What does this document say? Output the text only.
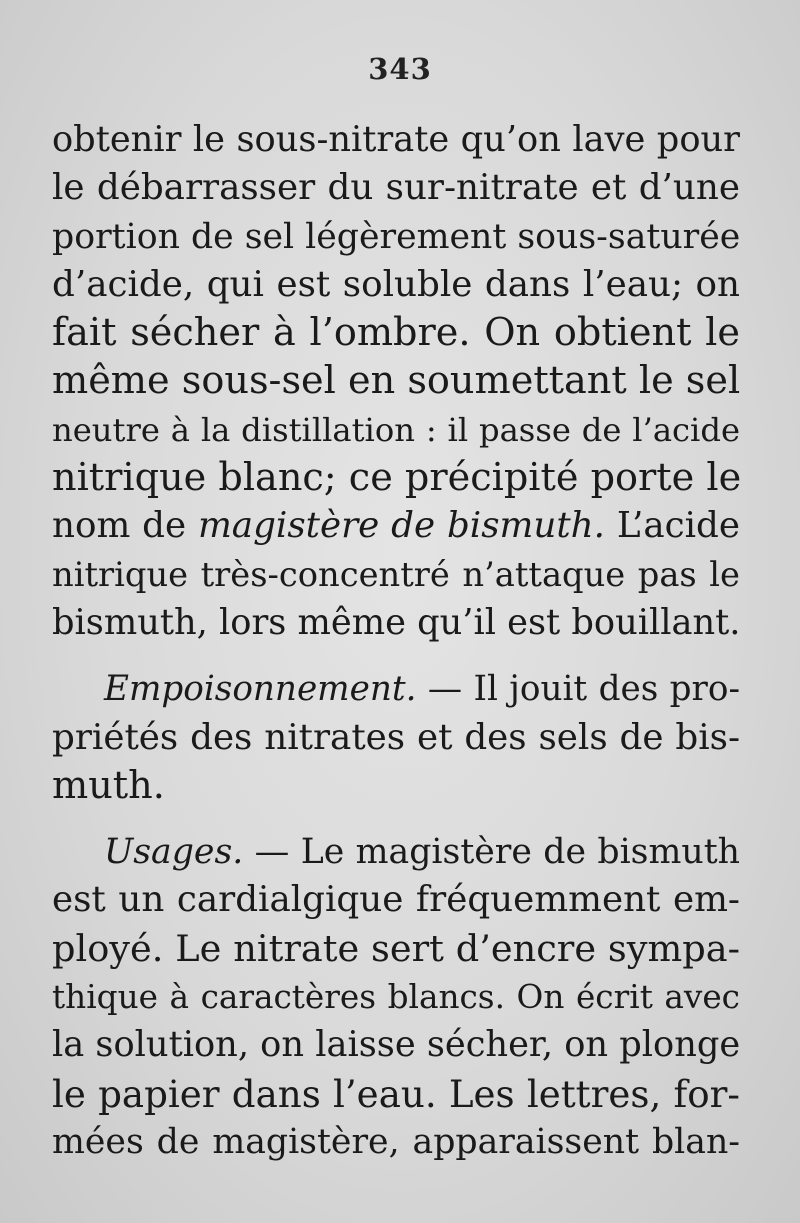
343
obtenir le sous-nitrate qu’on lave pour
le débarrasser du sur-nitrate et d’une
portion de sel légèrement sous-saturée
d’acide, qui est soluble dans l’eau; on
fait sécher à l’ombre. On obtient le
même sous-sel en soumettant le sel
neutre à la distillation : il passe de l’acide
nitrique blanc; ce précipité porte le
nom de magistère de bismuth. L’acide
nitrique très-concentré n’attaque pas le
bismuth, lors même qu’il est bouillant.
Empoisonnement. — Il jouit des pro-
priétés des nitrates et des sels de bis-
muth.
Usages. — Le magistère de bismuth
est un cardialgique fréquemment em-
ployé. Le nitrate sert d’encre sympa-
thique à caractères blancs. On écrit avec
la solution, on laisse sécher, on plonge
le papier dans l’eau. Les lettres, for-
mées de magistère, apparaissent blan-
